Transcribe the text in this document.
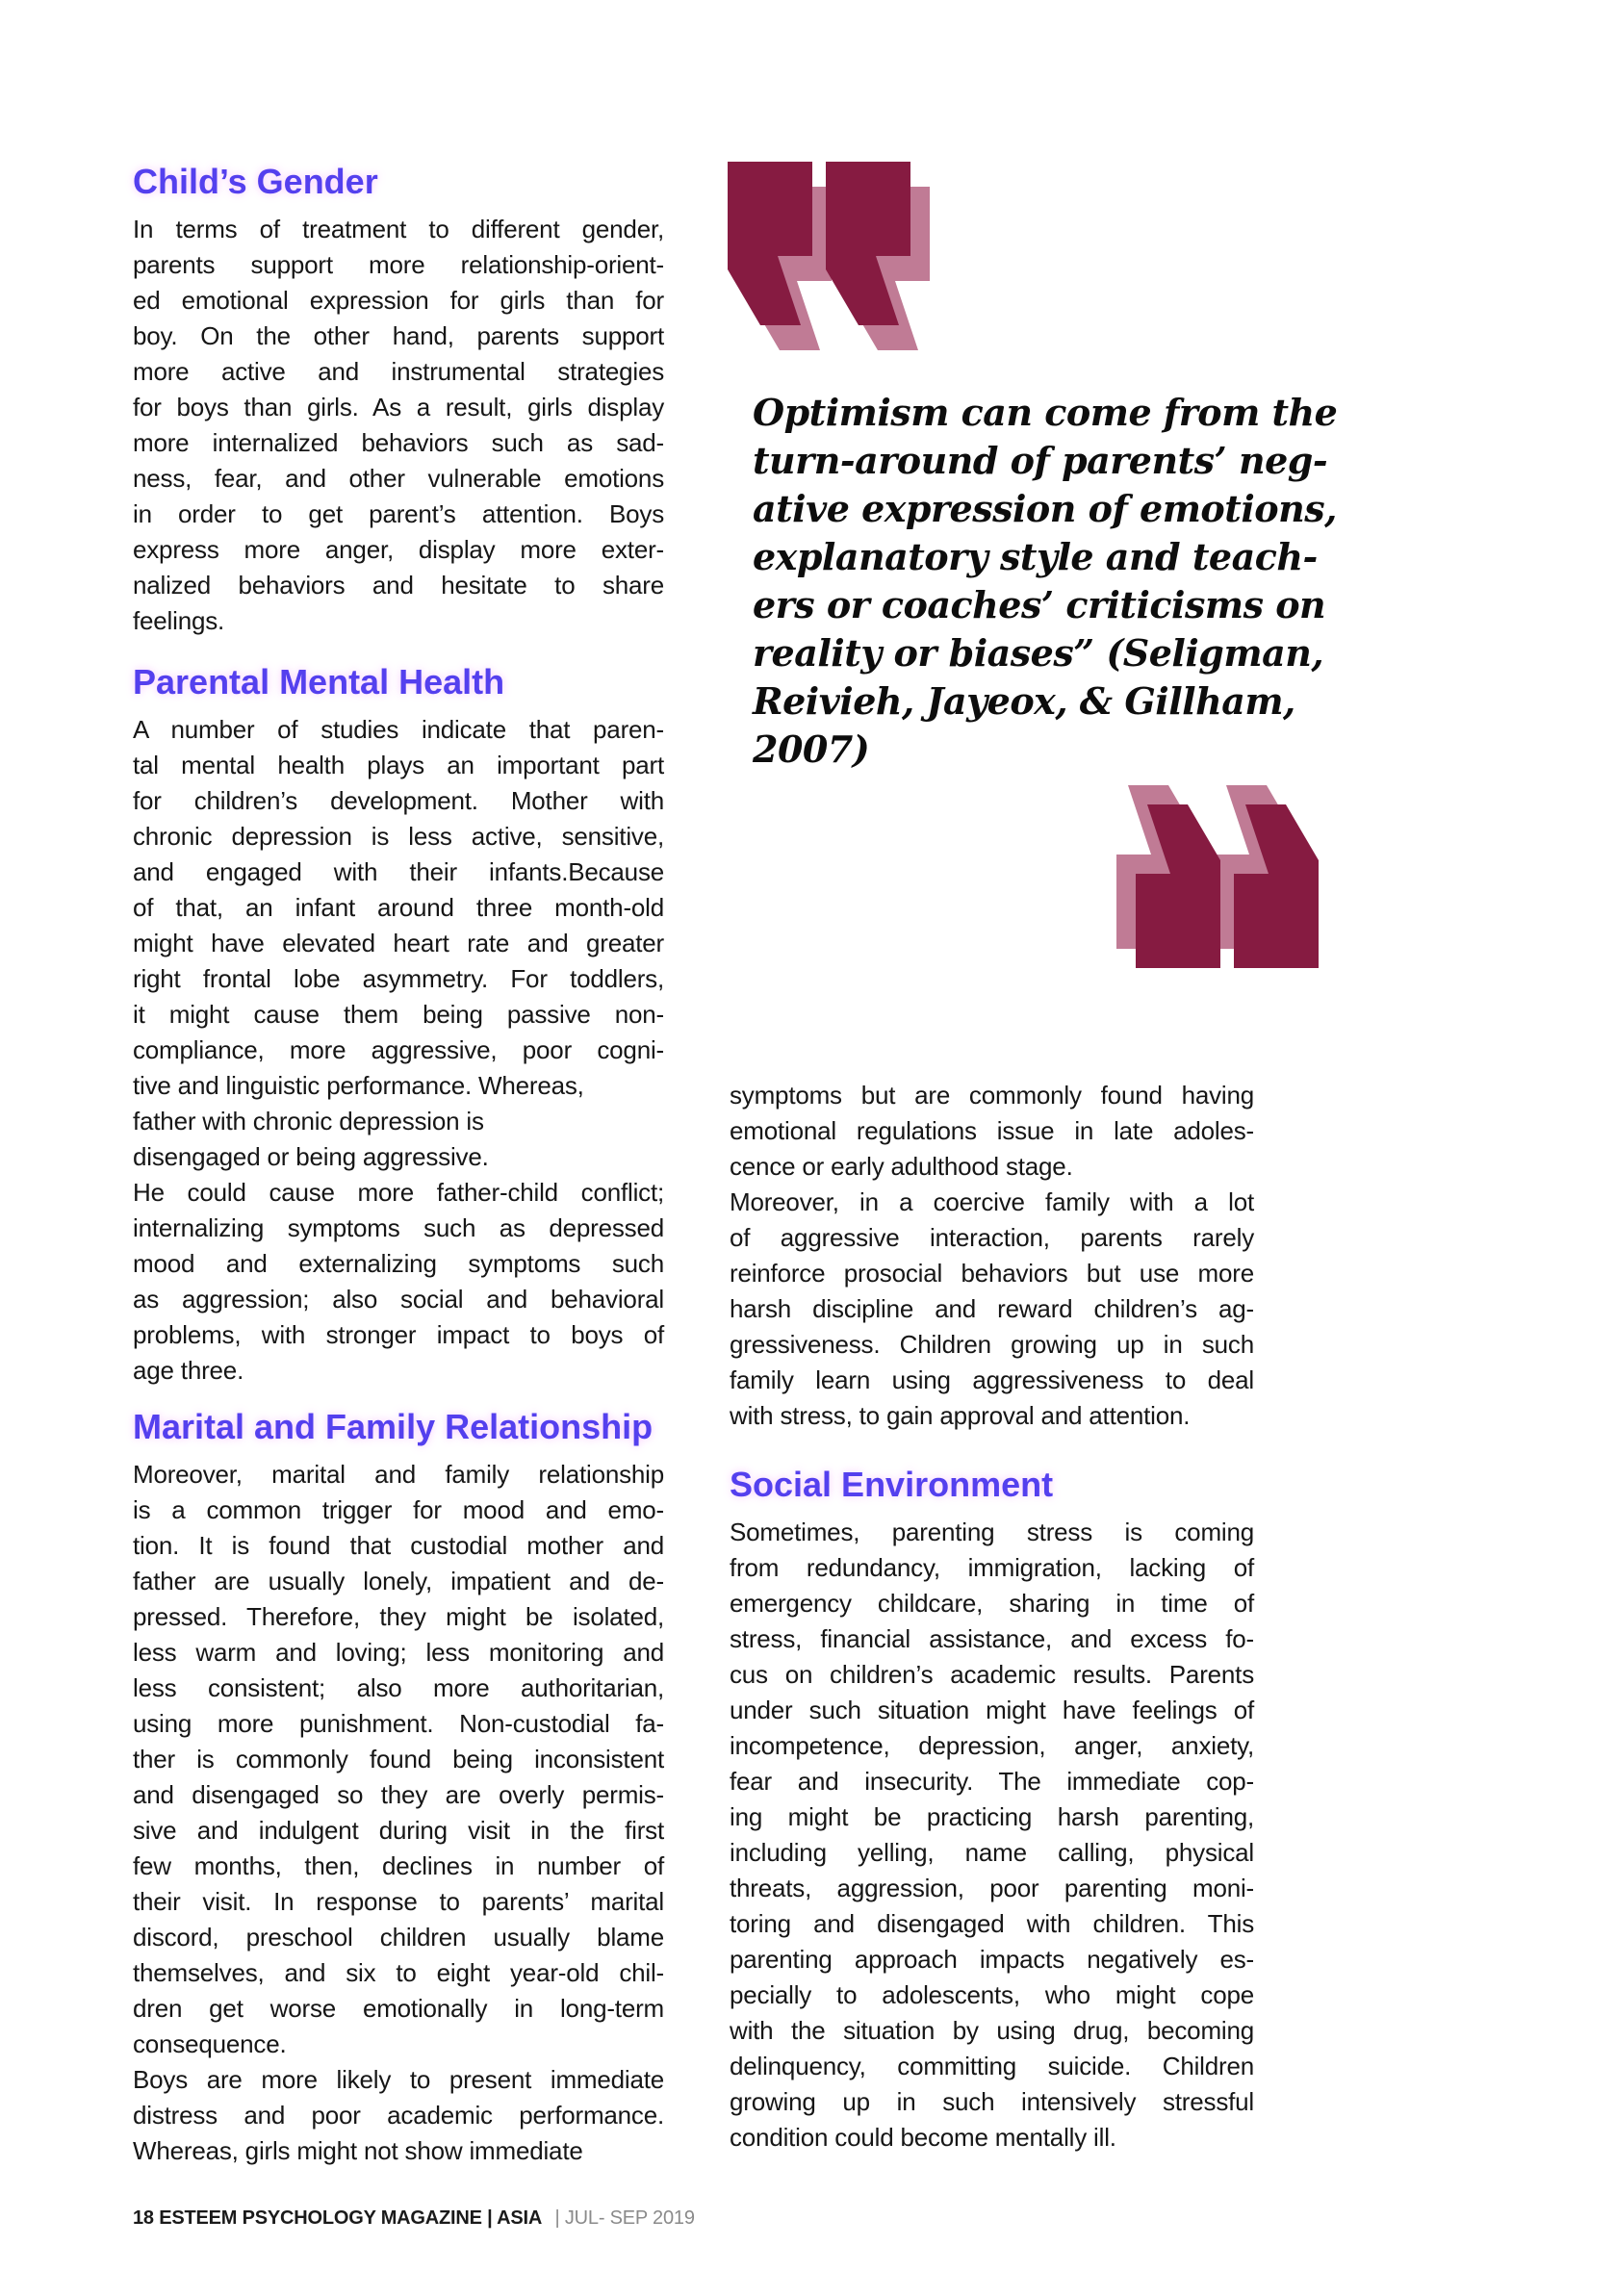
Child’s Gender
In terms of treatment to different gender,
parents support more relationship-orient-
ed emotional expression for girls than for
boy. On the other hand, parents support
more active and instrumental strategies
for boys than girls. As a result, girls display
more internalized behaviors such as sad-
ness, fear, and other vulnerable emotions
in order to get parent’s attention. Boys
express more anger, display more exter-
nalized behaviors and hesitate to share
feelings.
Parental Mental Health
A number of studies indicate that paren-
tal mental health plays an important part
for children’s development. Mother with
chronic depression is less active, sensitive,
and engaged with their infants.Because
of that, an infant around three month-old
might have elevated heart rate and greater
right frontal lobe asymmetry. For toddlers,
it might cause them being passive non-
compliance, more aggressive, poor cogni-
tive and linguistic performance. Whereas,
father with chronic depression is
disengaged or being aggressive.
He could cause more father-child conflict;
internalizing symptoms such as depressed
mood and externalizing symptoms such
as aggression; also social and behavioral
problems, with stronger impact to boys of
age three.
Marital and Family Relationship
Moreover, marital and family relationship
is a common trigger for mood and emo-
tion. It is found that custodial mother and
father are usually lonely, impatient and de-
pressed. Therefore, they might be isolated,
less warm and loving; less monitoring and
less consistent; also more authoritarian,
using more punishment. Non-custodial fa-
ther is commonly found being inconsistent
and disengaged so they are overly permis-
sive and indulgent during visit in the first
few months, then, declines in number of
their visit. In response to parents’ marital
discord, preschool children usually blame
themselves, and six to eight year-old chil-
dren get worse emotionally in long-term
consequence.
Boys are more likely to present immediate
distress and poor academic performance.
Whereas, girls might not show immediate
Optimism can come from the
turn-around of parents’ neg-
ative expression of emotions,
explanatory style and teach-
ers or coaches’ criticisms on
reality or biases” (Seligman,
Reivieh, Jayeox, & Gillham,
2007)
symptoms but are commonly found having
emotional regulations issue in late adoles-
cence or early adulthood stage.
Moreover, in a coercive family with a lot
of aggressive interaction, parents rarely
reinforce prosocial behaviors but use more
harsh discipline and reward children’s ag-
gressiveness. Children growing up in such
family learn using aggressiveness to deal
with stress, to gain approval and attention.
Social Environment
Sometimes, parenting stress is coming
from redundancy, immigration, lacking of
emergency childcare, sharing in time of
stress, financial assistance, and excess fo-
cus on children’s academic results. Parents
under such situation might have feelings of
incompetence, depression, anger, anxiety,
fear and insecurity. The immediate cop-
ing might be practicing harsh parenting,
including yelling, name calling, physical
threats, aggression, poor parenting moni-
toring and disengaged with children. This
parenting approach impacts negatively es-
pecially to adolescents, who might cope
with the situation by using drug, becoming
delinquency, committing suicide. Children
growing up in such intensively stressful
condition could become mentally ill.
18 ESTEEM PSYCHOLOGY MAGAZINE | ASIA | JUL- SEP 2019
